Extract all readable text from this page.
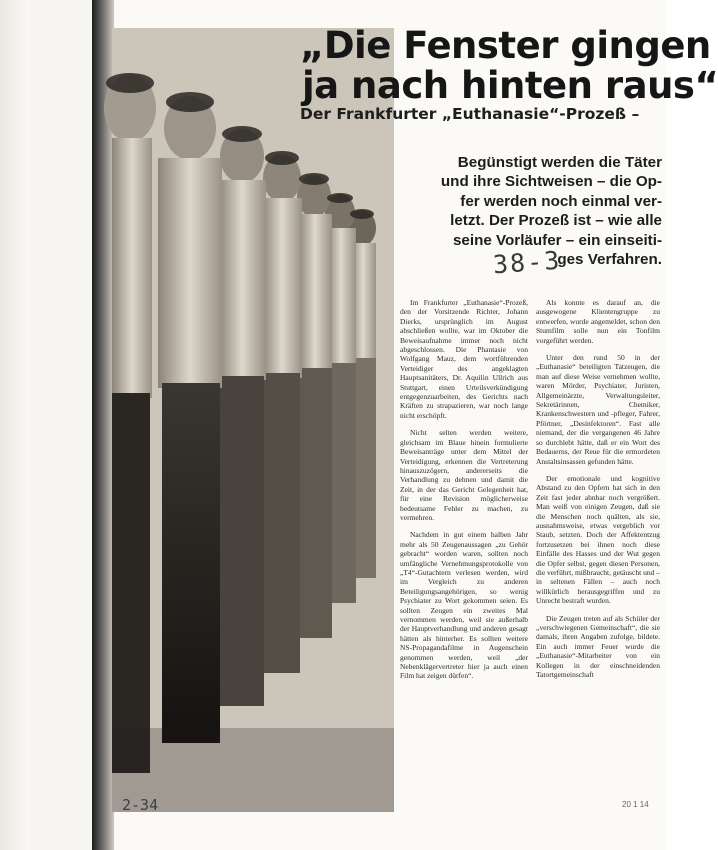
„Die Fenster gingen
ja nach hinten raus“
Der Frankfurter „Euthanasie“-Prozeß –
Begünstigt werden die Täter
und ihre Sichtweisen – die Op-
fer werden noch einmal ver-
letzt. Der Prozeß ist – wie alle
seine Vorläufer – ein einseiti-
ges Verfahren.
38-3

Im Frankfurter „Euthanasie“-Prozeß, den der Vorsitzende Richter, Johann Dierks, ursprünglich im August abschließen wollte, war im Oktober die Beweisaufnahme immer noch nicht abgeschlossen. Die Phantasie von Wolfgang Mauz, dem wortführenden Verteidiger des angeklagten Hauptsanitäters, Dr. Aquilin Ullrich aus Stuttgart, einen Urteilsverkündigung entgegenzuarbeiten, des Gerichts nach Kräften zu strapazieren, war noch lange nicht erschöpft.

Nicht selten werden weitere, gleichsam im Blaue hinein formulierte Beweisanträge unter dem Mittel der Verteidigung, erkennen die Vertreterung hinauszuzögern, andererseits die Verhandlung zu dehnen und damit die Zeit, in der das Gericht Gelegenheit hat, für eine Revision möglicherweise bedeutsame Fehler zu machen, zu vermehren.

Nachdem in gut einem halben Jahr mehr als 50 Zeugenaussagen „zu Gehör gebracht“ worden waren, sollten noch umfängliche Vernehmungsprotokolle von „T4“-Gutachtern verlesen werden, wird im Vergleich zu anderen Beteiligungsangehörigen, so wenig Psychiater zu Wort gekommen seien. Es sollten Zeugen ein zweites Mal vernommen werden, weil sie außerhalb der Hauptverhandlung und anderen gesagt hätten als hinterher. Es sollten weitere NS-Propagandafilme in Augenschein genommen werden, weil „der Nebenklägervertreter hier ja auch einen Film hat zeigen dürfen“.

Als konnte es darauf an, die ausgewogene Klientengruppe zu entwerfen, wurde angemeldet, schon den Stumfilm solle nun ein Tonfilm vorgeführt werden.

Unter den rund 50 in der „Euthanasie“ beteiligten Tatzeugen, die man auf diese Weise vernehmen wollte, waren Mörder, Psychiater, Juristen, Allgemeinärzte, Verwaltungsleiter, Sekretärinnen, Chemiker, Krankenschwestern und -pfleger, Fahrer, Pförtner, „Desinfektoren“. Fast alle niemand, der die vergangenen 46 Jahre so durchlebt hätte, daß er ein Wort des Bedauerns, der Reue für die ermordeten Anstaltsinsassen gefunden hätte.

Der emotionale und kognitive Abstand zu den Opfern hat sich in den Zeit fast jeder ahnbar noch vergrößert. Man weiß von einigen Zeugen, daß sie die Menschen noch quälten, als sie, ausnahmsweise, etwas vergeblich vor Staub, setzten. Doch der Affektentzug fortzusetzen bei ihnen noch diese Einfälle des Hasses und der Wut gegen die Opfer selbst, gegen diesen Personen, die verführt, mißbraucht, getäuscht und – in seltenen Fällen – auch noch willkürlich herausgegriffen und zu Unrecht bestraft wurden.

Die Zeugen treten auf als Schüler der „verschwiegenen Gemeinschaft“, die sie damals, ihren Angaben zufolge, bildete. Ein auch immer Feuer wurde die „Euthanasie“-Mitarbeiter von ein Kollegen in der einschneidenden Tatortgemeinschaft

2-34	20 1 14
